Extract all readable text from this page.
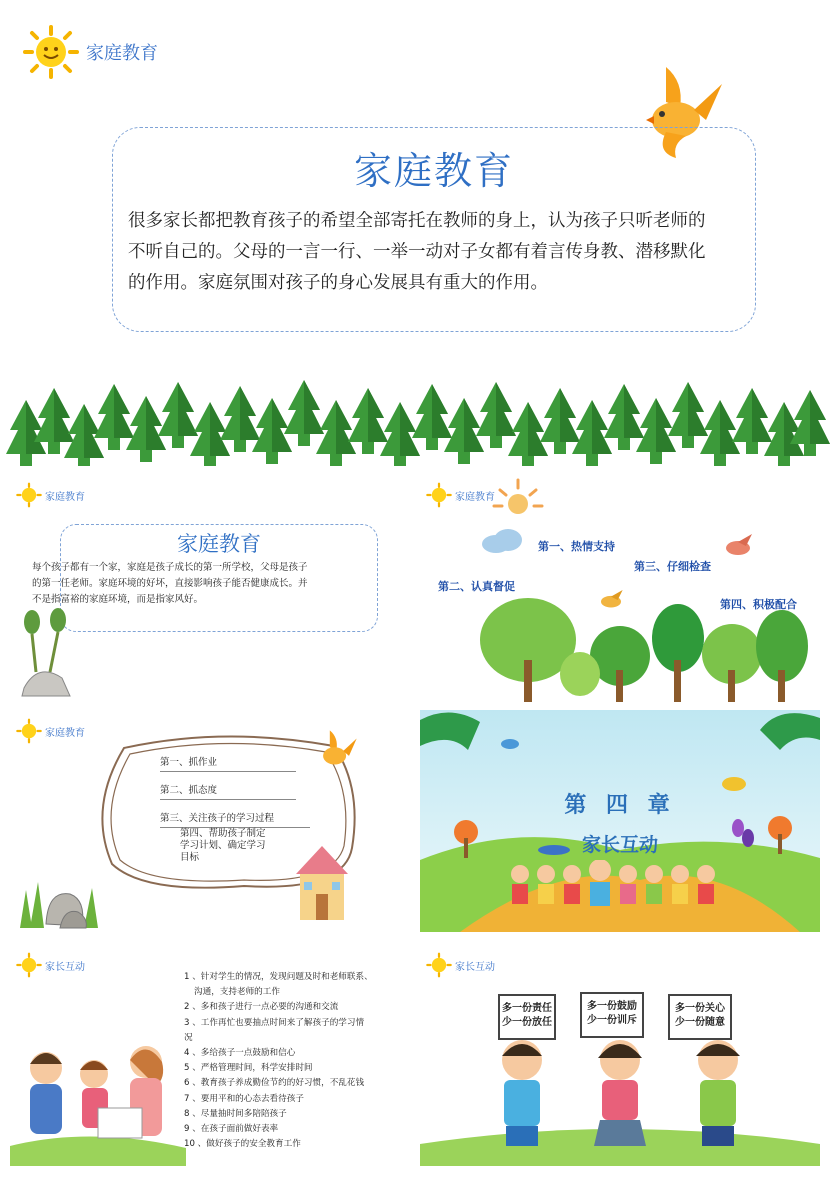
家庭教育
家庭教育
很多家长都把教育孩子的希望全部寄托在教师的身上，认为孩子只听老师的
不听自己的。父母的一言一行、一举一动对子女都有着言传身教、潜移默化
的作用。家庭氛围对孩子的身心发展具有重大的作用。
家庭教育
家庭教育
每个孩子都有一个家，家庭是孩子成长的第一所学校，父母是孩子
的第一任老师。家庭环境的好坏，直接影响孩子能否健康成长。并
不是指富裕的家庭环境，而是指家风好。
家庭教育
第一、热情支持
第二、认真督促
第三、仔细检查
第四、积极配合
家庭教育
第一、抓作业
第二、抓态度
第三、关注孩子的学习过程
第四、帮助孩子制定
学习计划、确定学习
目标
第 四 章
家长互动
家长互动
1 、针对学生的情况，发现问题及时和老师联系、
沟通，支持老师的工作
2 、多和孩子进行一点必要的沟通和交流
3 、工作再忙也要抽点时间来了解孩子的学习情
况
4 、多给孩子一点鼓励和信心
5 、严格管理时间，科学安排时间
6 、教育孩子养成勤俭节约的好习惯，不乱花钱
7 、要用平和的心态去看待孩子
8 、尽量抽时间多陪陪孩子
9 、在孩子面前做好表率
10 、做好孩子的安全教育工作
家长互动
多一份责任
少一份放任
多一份鼓励
少一份训斥
多一份关心
少一份随意
